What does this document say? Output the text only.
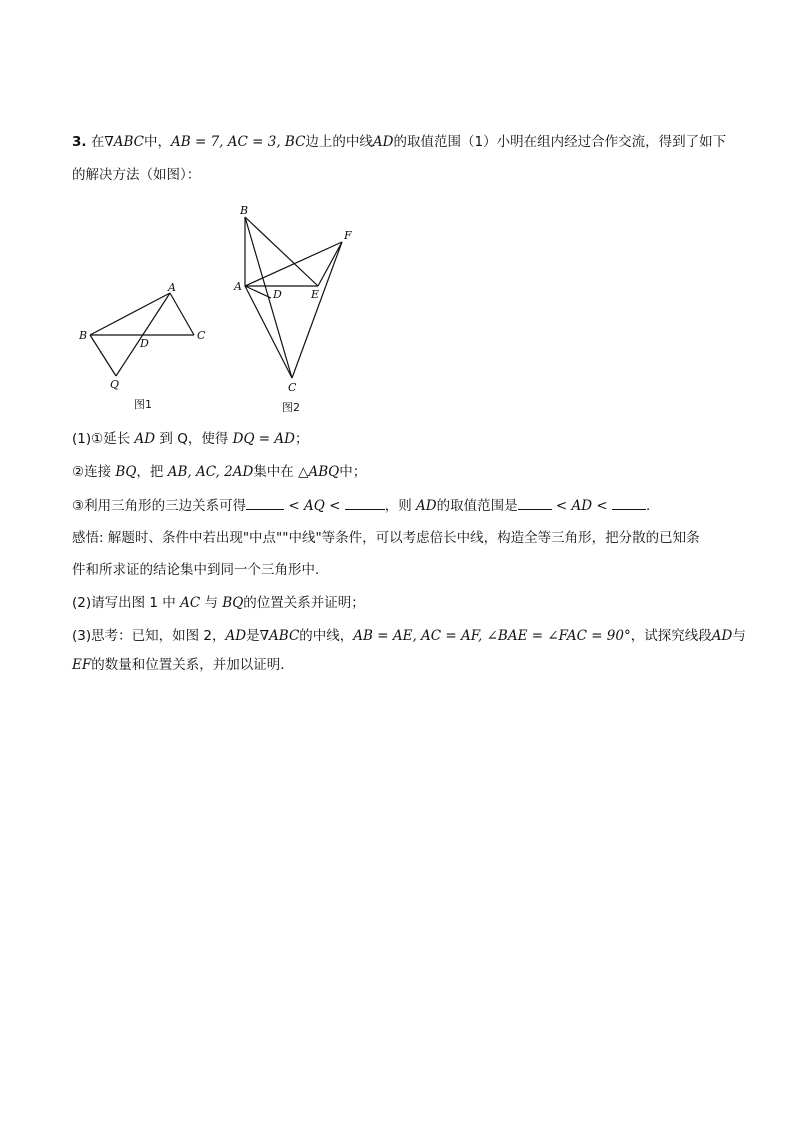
3. 在∇ABC中，AB = 7, AC = 3, BC边上的中线AD的取值范围（1）小明在组内经过合作交流，得到了如下
的解决方法（如图）：
A
B	C
D
Q
图1
B
F
A
D	E
C
图2
(1)①延长 AD 到 Q，使得 DQ = AD；
②连接 BQ，把 AB, AC, 2AD集中在 △ABQ中；
③利用三角形的三边关系可得	< AQ <	，则 AD的取值范围是	< AD <	.
感悟: 解题时、条件中若出现"中点""中线"等条件，可以考虑倍长中线，构造全等三角形，把分散的已知条
件和所求证的结论集中到同一个三角形中．
(2)请写出图 1 中 AC 与 BQ的位置关系并证明；
(3)思考：已知，如图 2，AD是∇ABC的中线，AB = AE, AC = AF, ∠BAE = ∠FAC = 90°，试探究线段AD与
EF的数量和位置关系，并加以证明．
